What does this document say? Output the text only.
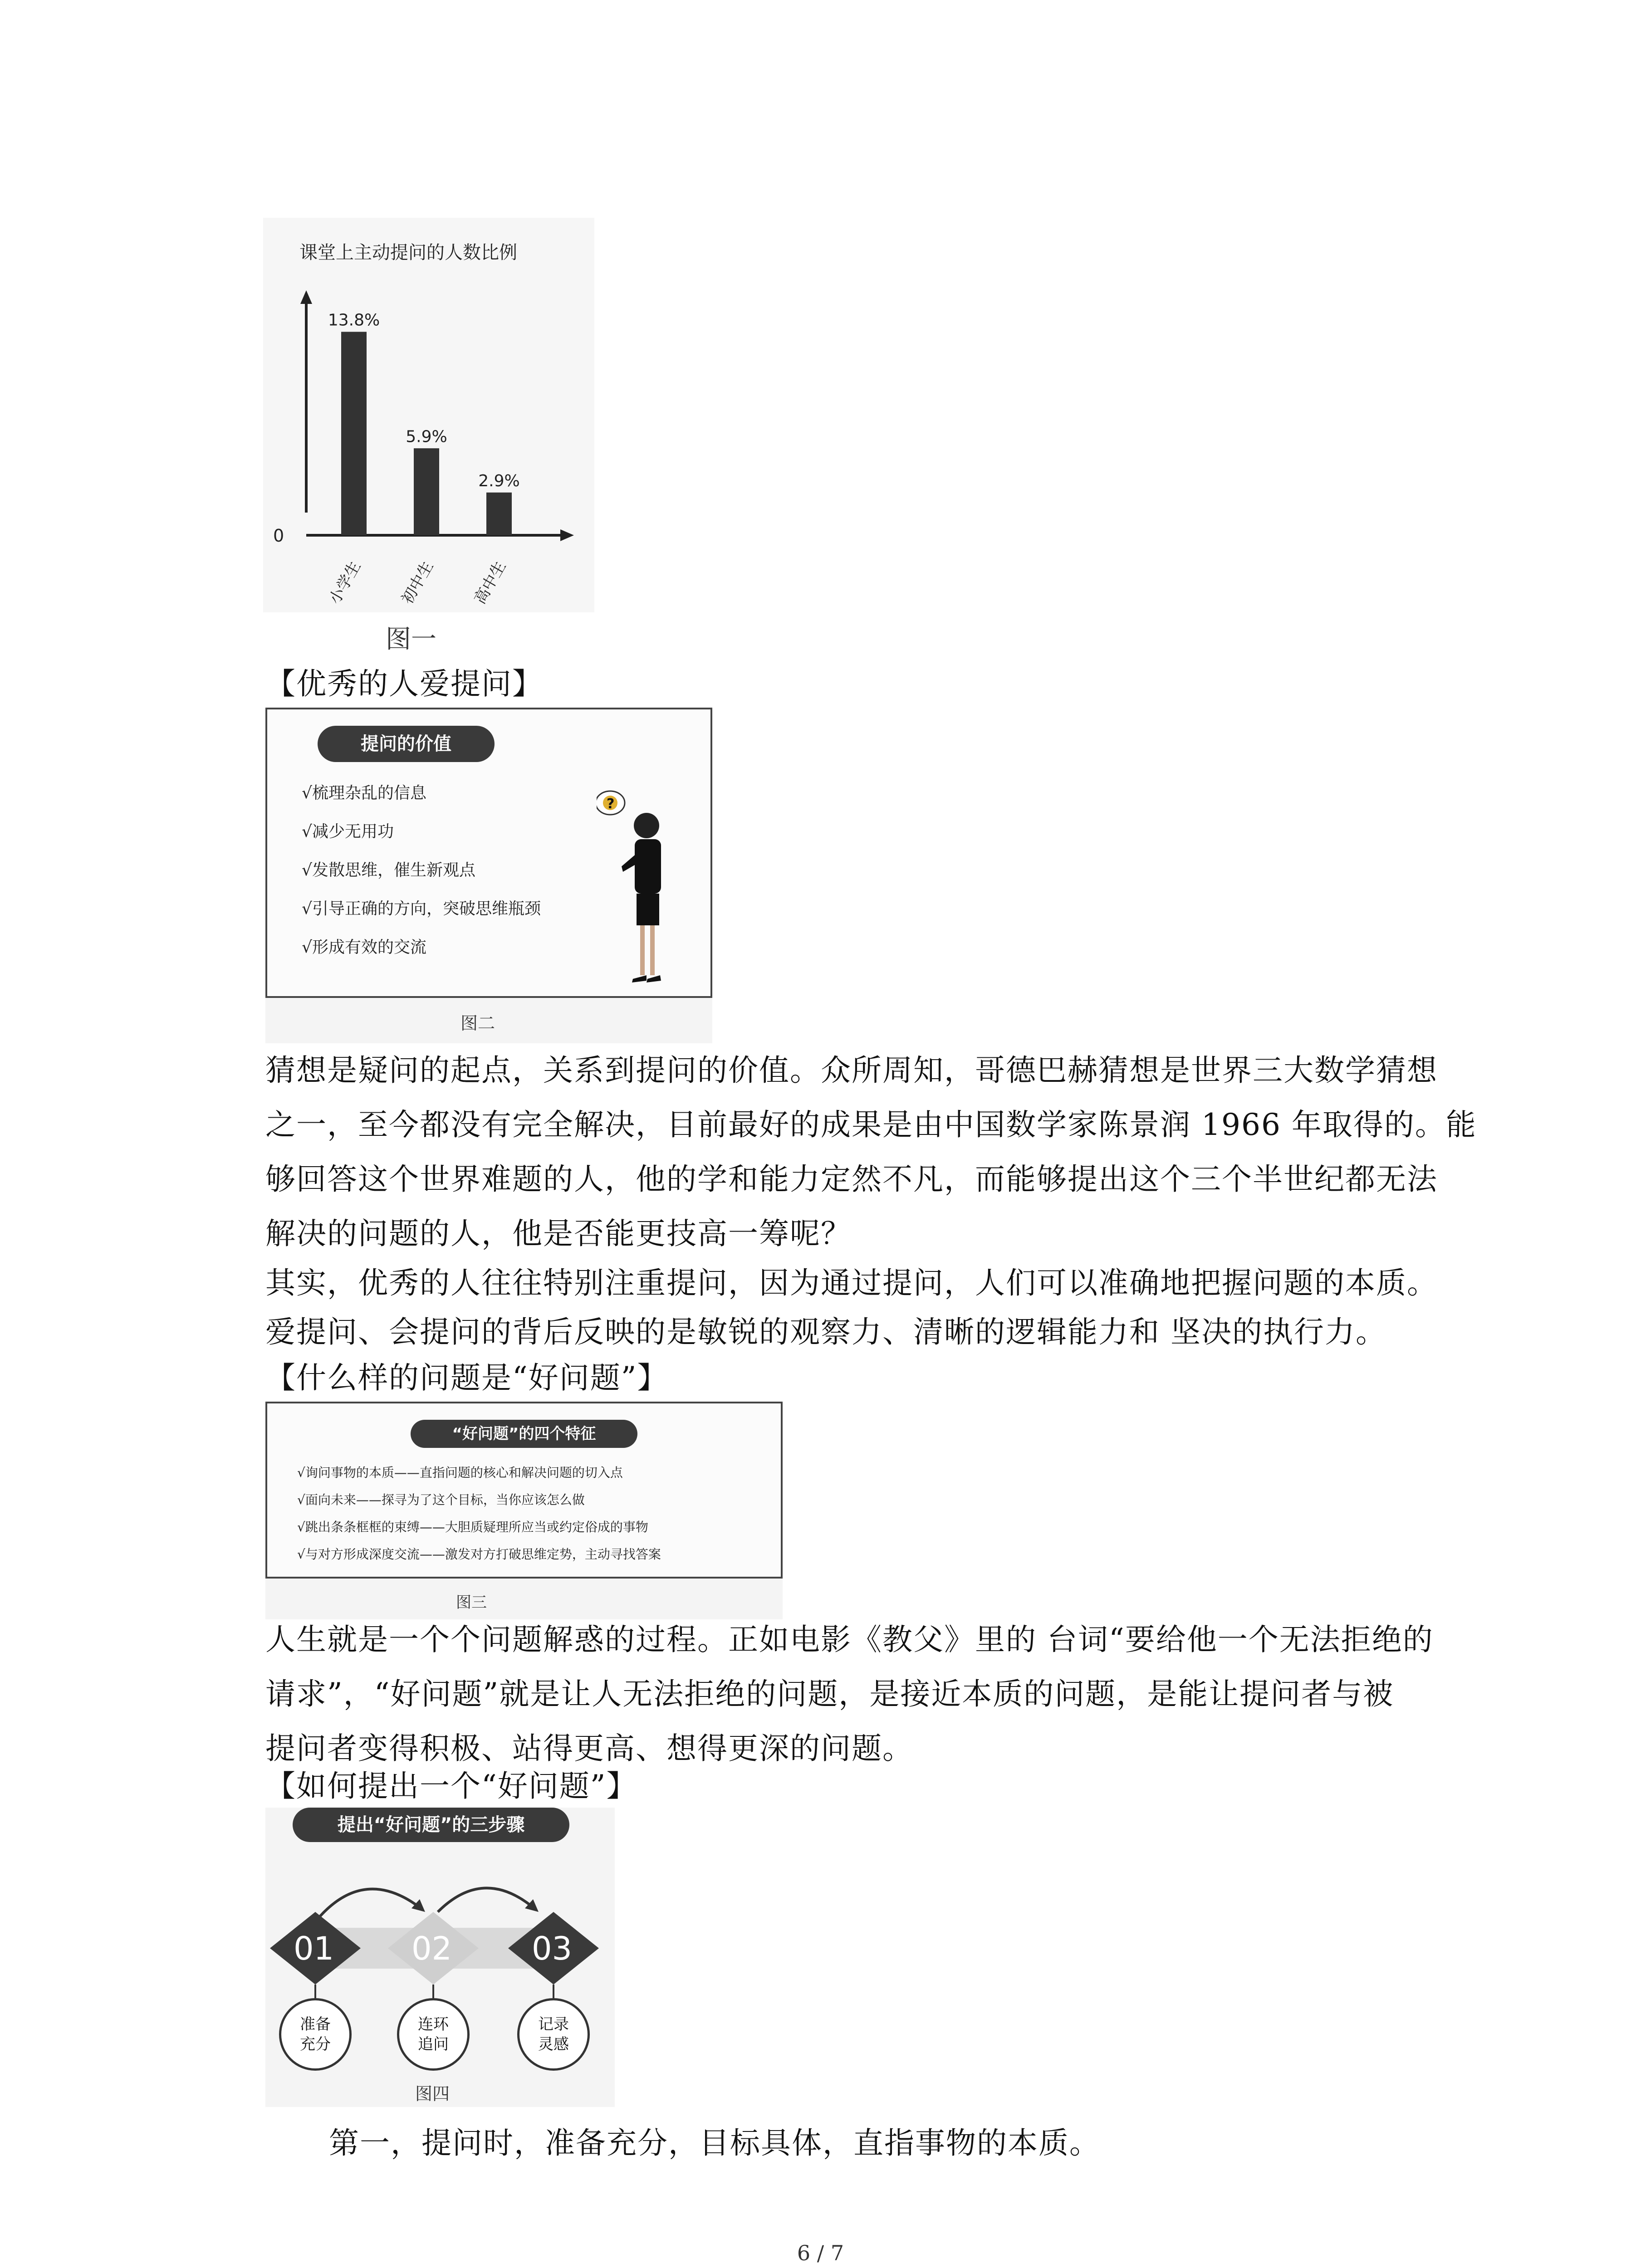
课堂上主动提问的人数比例
0
13.8%
小学生
5.9%
初中生
2.9%
高中生
图一
【优秀的人爱提问】
提问的价值
√梳理杂乱的信息
√减少无用功
√发散思维，催生新观点
√引导正确的方向，突破思维瓶颈
√形成有效的交流
?
图二
猜想是疑问的起点，关系到提问的价值。众所周知，哥德巴赫猜想是世界三大数学猜想
之一，至今都没有完全解决，目前最好的成果是由中国数学家陈景润 1966 年取得的。能
够回答这个世界难题的人，他的学和能力定然不凡，而能够提出这个三个半世纪都无法
解决的问题的人，他是否能更技高一筹呢？
其实，优秀的人往往特别注重提问，因为通过提问，人们可以准确地把握问题的本质。
爱提问、会提问的背后反映的是敏锐的观察力、清晰的逻辑能力和 坚决的执行力。
【什么样的问题是“好问题”】
“好问题”的四个特征
√询问事物的本质——直指问题的核心和解决问题的切入点
√面向未来——探寻为了这个目标，当你应该怎么做
√跳出条条框框的束缚——大胆质疑理所应当或约定俗成的事物
√与对方形成深度交流——激发对方打破思维定势，主动寻找答案
图三
人生就是一个个问题解惑的过程。正如电影《教父》里的 台词“要给他一个无法拒绝的
请求”，“好问题”就是让人无法拒绝的问题，是接近本质的问题，是能让提问者与被
提问者变得积极、站得更高、想得更深的问题。
【如何提出一个“好问题”】
提出“好问题”的三步骤
01 02	03
准备
充分
连环
追问
记录
灵感
图四
第一，提问时，准备充分，目标具体，直指事物的本质。
6 / 7
